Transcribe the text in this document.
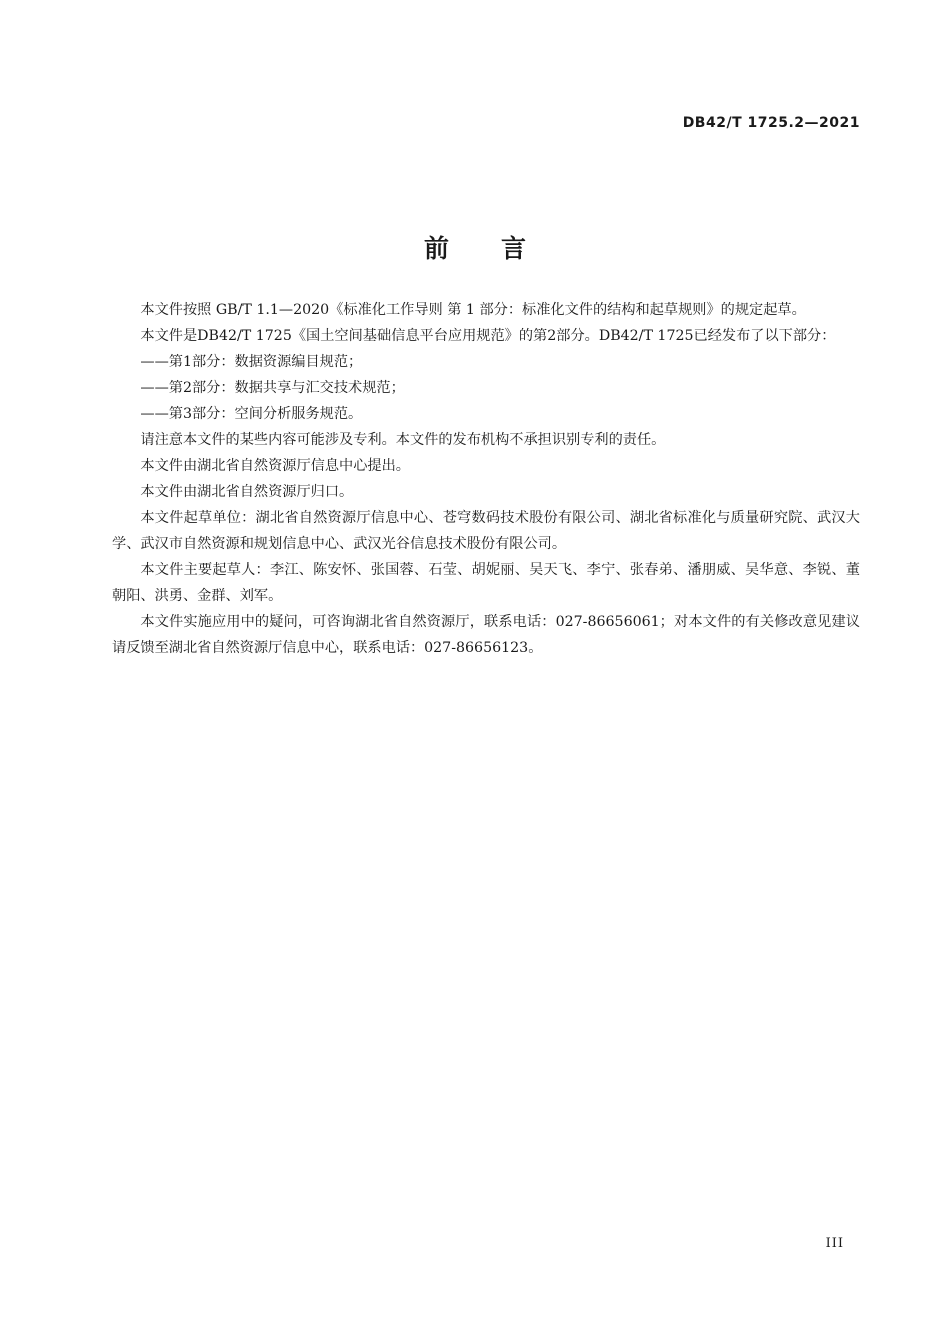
DB42/T 1725.2—2021
前言

本文件按照 GB/T 1.1—2020《标准化工作导则 第 1 部分：标准化文件的结构和起草规则》的规定起草。

本文件是DB42/T 1725《国土空间基础信息平台应用规范》的第2部分。DB42/T 1725已经发布了以下部分：

——第1部分：数据资源编目规范；

——第2部分：数据共享与汇交技术规范；

——第3部分：空间分析服务规范。

请注意本文件的某些内容可能涉及专利。本文件的发布机构不承担识别专利的责任。

本文件由湖北省自然资源厅信息中心提出。

本文件由湖北省自然资源厅归口。

本文件起草单位：湖北省自然资源厅信息中心、苍穹数码技术股份有限公司、湖北省标准化与质量研究院、武汉大学、武汉市自然资源和规划信息中心、武汉光谷信息技术股份有限公司。

本文件主要起草人：李江、陈安怀、张国蓉、石莹、胡妮丽、吴天飞、李宁、张春弟、潘朋威、吴华意、李锐、董朝阳、洪勇、金群、刘军。

本文件实施应用中的疑问，可咨询湖北省自然资源厅，联系电话：027-86656061；对本文件的有关修改意见建议请反馈至湖北省自然资源厅信息中心，联系电话：027-86656123。

III
